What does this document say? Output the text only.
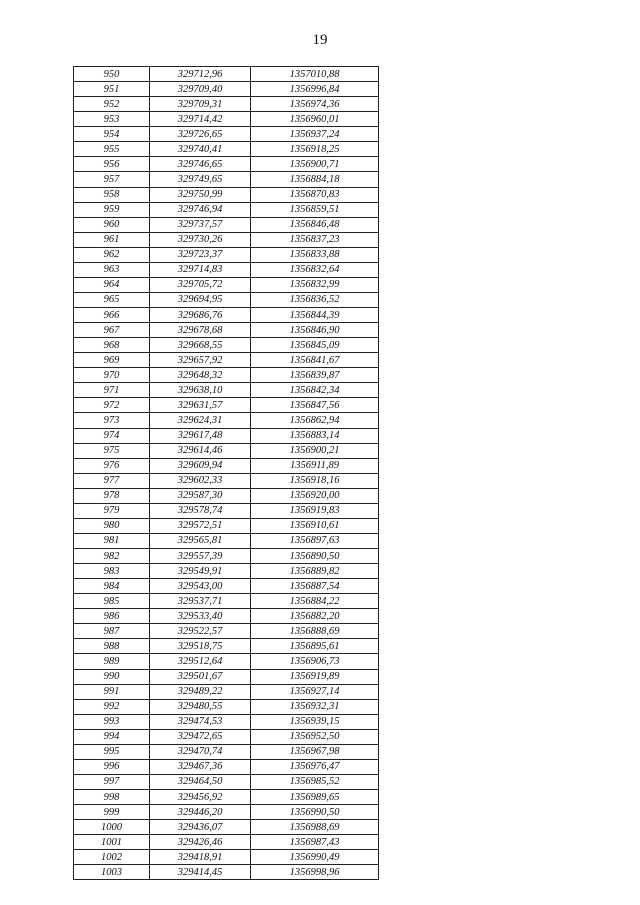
19
950	329712,96	1357010,88
951	329709,40	1356996,84
952	329709,31	1356974,36
953	329714,42	1356960,01
954	329726,65	1356937,24
955	329740,41	1356918,25
956	329746,65	1356900,71
957	329749,65	1356884,18
958	329750,99	1356870,83
959	329746,94	1356859,51
960	329737,57	1356846,48
961	329730,26	1356837,23
962	329723,37	1356833,88
963	329714,83	1356832,64
964	329705,72	1356832,99
965	329694,95	1356836,52
966	329686,76	1356844,39
967	329678,68	1356846,90
968	329668,55	1356845,09
969	329657,92	1356841,67
970	329648,32	1356839,87
971	329638,10	1356842,34
972	329631,57	1356847,56
973	329624,31	1356862,94
974	329617,48	1356883,14
975	329614,46	1356900,21
976	329609,94	1356911,89
977	329602,33	1356918,16
978	329587,30	1356920,00
979	329578,74	1356919,83
980	329572,51	1356910,61
981	329565,81	1356897,63
982	329557,39	1356890,50
983	329549,91	1356889,82
984	329543,00	1356887,54
985	329537,71	1356884,22
986	329533,40	1356882,20
987	329522,57	1356888,69
988	329518,75	1356895,61
989	329512,64	1356906,73
990	329501,67	1356919,89
991	329489,22	1356927,14
992	329480,55	1356932,31
993	329474,53	1356939,15
994	329472,65	1356952,50
995	329470,74	1356967,98
996	329467,36	1356976,47
997	329464,50	1356985,52
998	329456,92	1356989,65
999	329446,20	1356990,50
1000	329436,07	1356988,69
1001	329426,46	1356987,43
1002	329418,91	1356990,49
1003	329414,45	1356998,96
